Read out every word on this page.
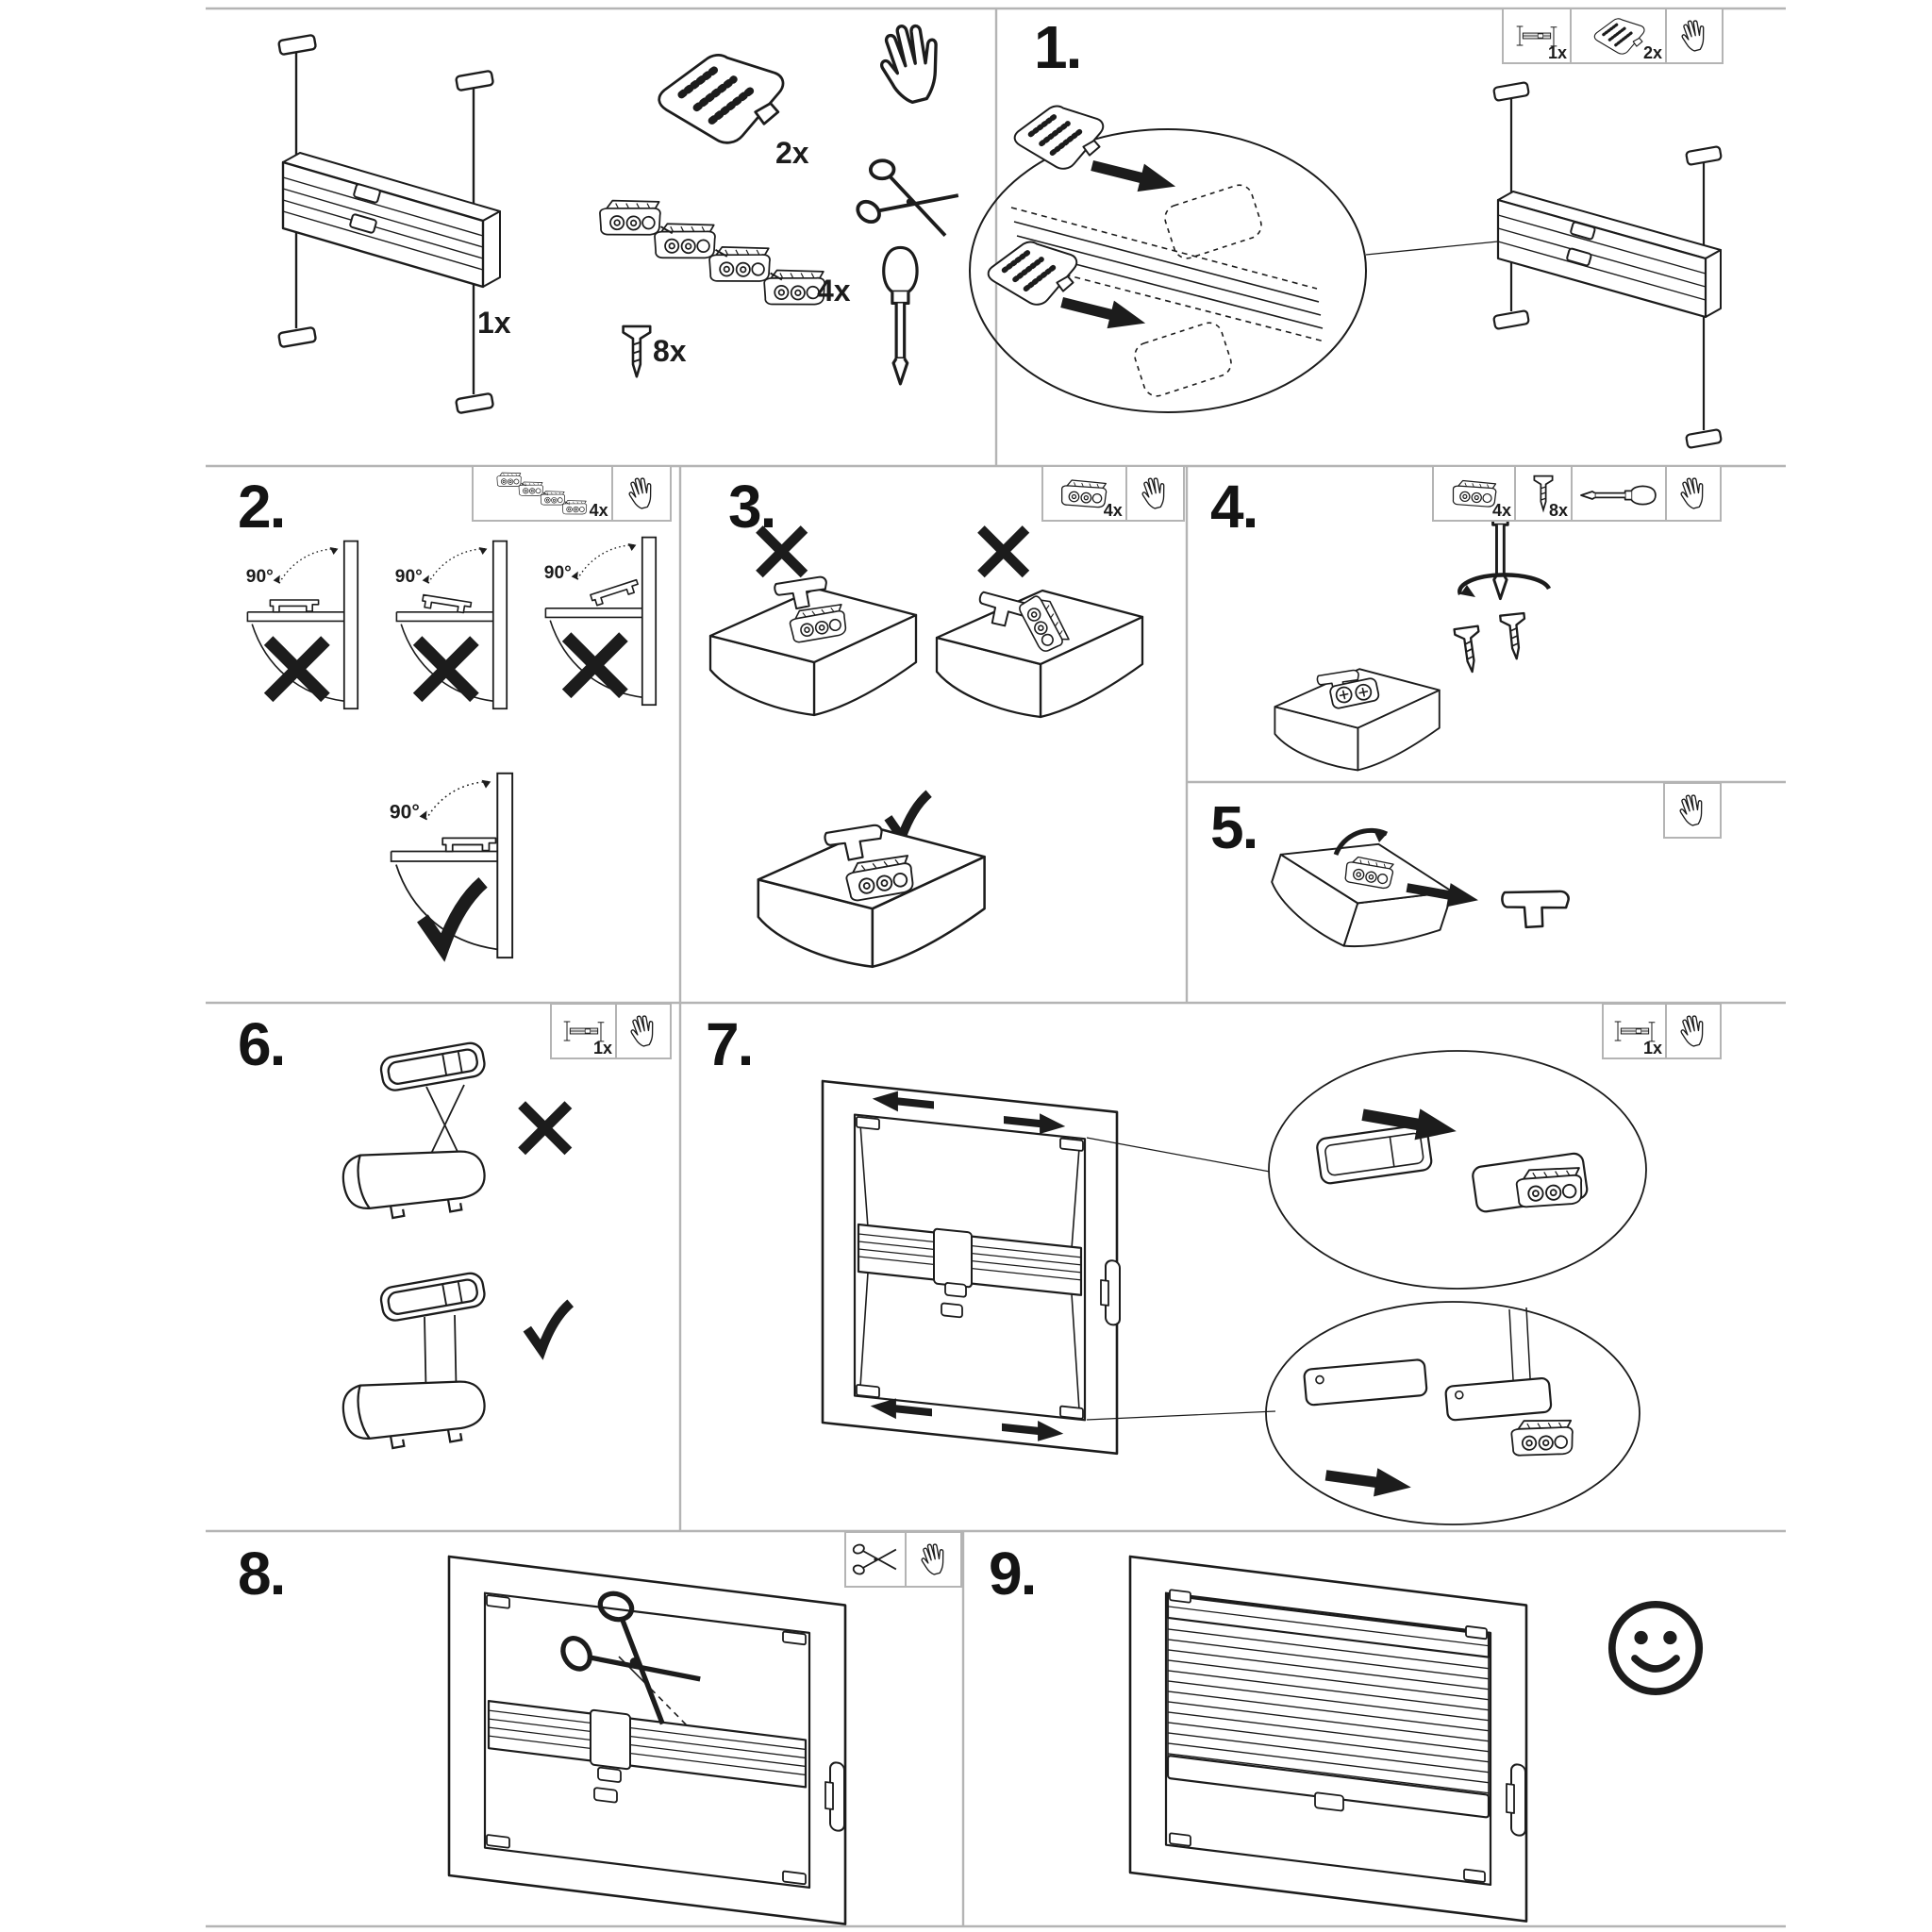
90°	90°	90°
90°
1.
2.	3.	4.
5.
6.	7.
8.	9.
1x
2x
4x
8x
1x	2x
4x	4x	4x 8x
1x	1x
